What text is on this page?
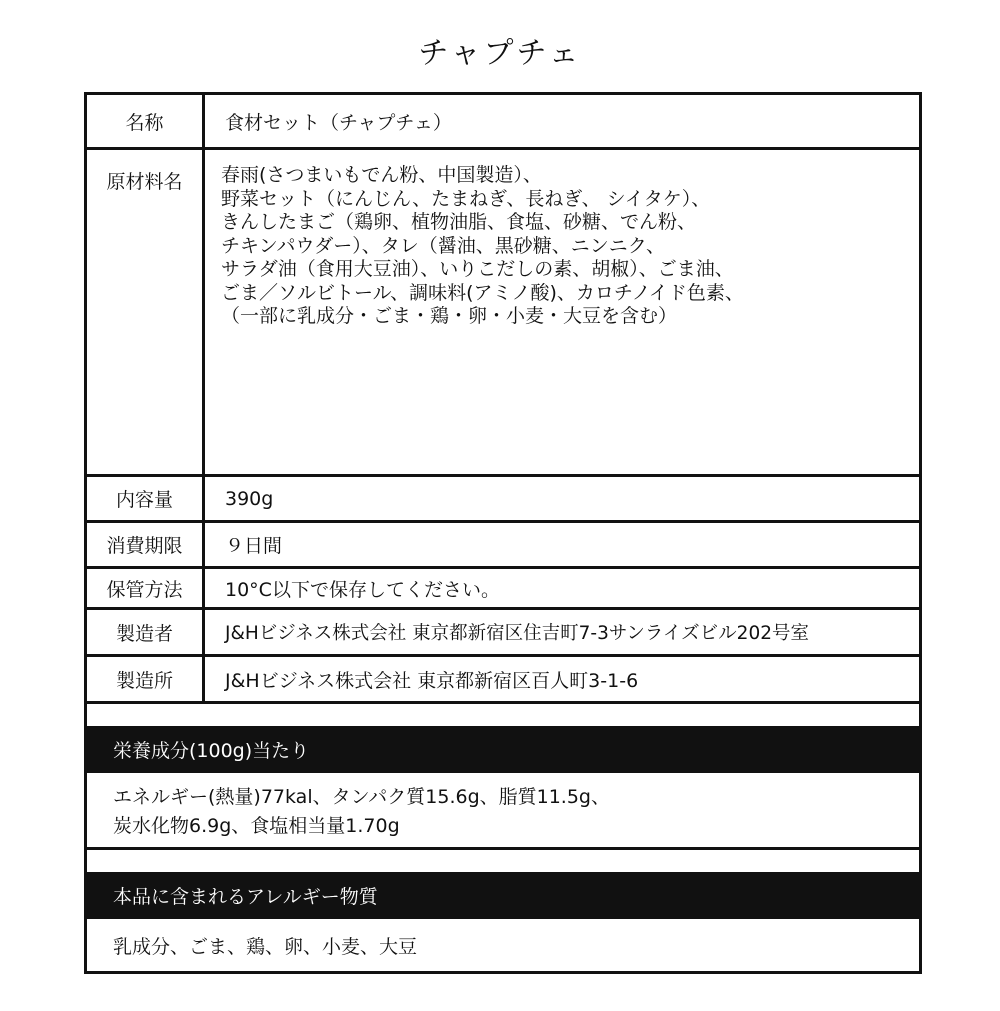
チャプチェ
名称	食材セット（チャプチェ）
原材料名	春雨(さつまいもでん粉、中国製造）、
野菜セット（にんじん、たまねぎ、長ねぎ、 シイタケ）、
きんしたまご（鶏卵、植物油脂、食塩、砂糖、でん粉、
チキンパウダー）、タレ（醤油、黒砂糖、ニンニク、
サラダ油（食用大豆油）、いりこだしの素、胡椒）、ごま油、
ごま／ソルビトール、調味料(アミノ酸)、カロチノイド色素、
（一部に乳成分・ごま・鶏・卵・小麦・大豆を含む）
内容量	390g
消費期限	９日間
保管方法	10°C以下で保存してください。
製造者	J&Hビジネス株式会社 東京都新宿区住吉町7-3サンライズビル202号室
製造所	J&Hビジネス株式会社 東京都新宿区百人町3-1-6
栄養成分(100g)当たり
エネルギー(熱量)77kal、タンパク質15.6g、脂質11.5g、
炭水化物6.9g、食塩相当量1.70g
本品に含まれるアレルギー物質
乳成分、ごま、鶏、卵、小麦、大豆
